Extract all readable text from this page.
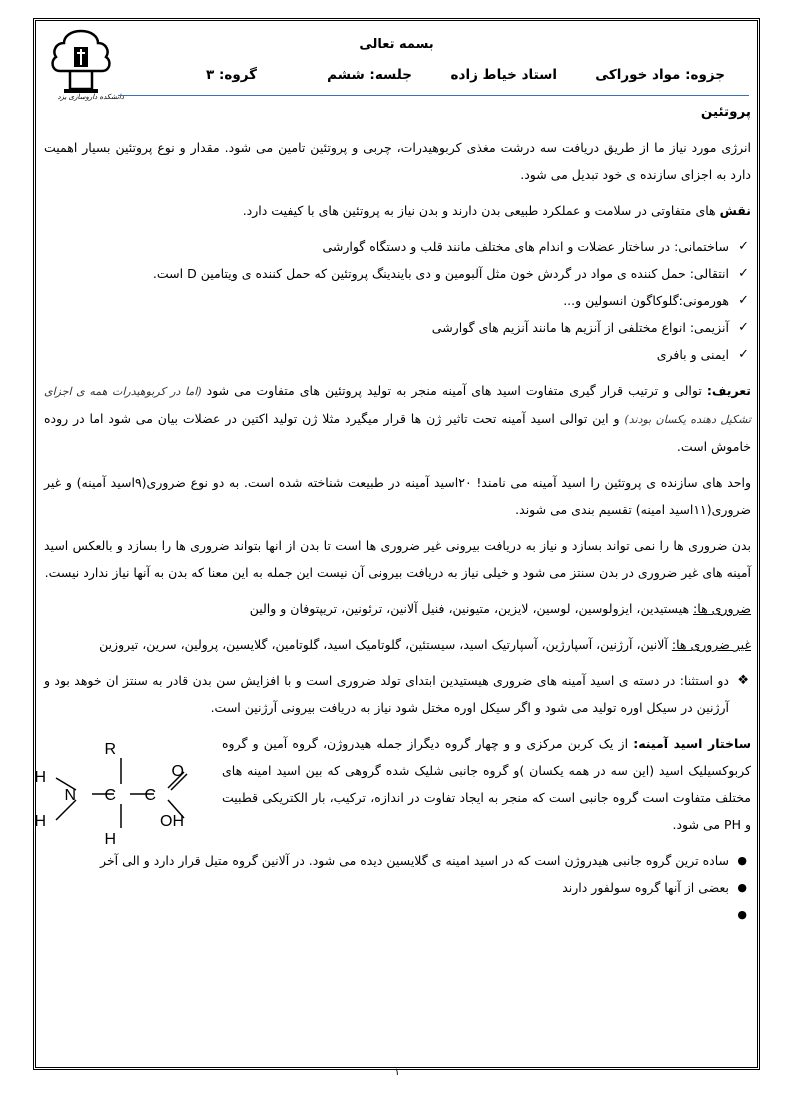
دانشکده داروسازی یزد
بسمه تعالی
جزوه: مواد خوراکی
استاد خیاط زاده
جلسه: ششم
گروه: ۳

پروتئین

انرژی مورد نیاز ما از طریق دریافت سه درشت مغذی کربوهیدرات، چربی و پروتئین تامین می شود. مقدار و نوع پروتئین بسیار اهمیت دارد به اجزای سازنده ی خود تبدیل می شود.

نقش های متفاوتی در سلامت و عملکرد طبیعی بدن دارند و بدن نیاز به پروتئین های با کیفیت دارد.

✓
ساختمانی: در ساختار عضلات و اندام های مختلف مانند قلب و دستگاه گوارشی
✓
انتقالی: حمل کننده ی مواد در گردش خون مثل آلبومین و دی بایندینگ پروتئین که حمل کننده ی ویتامین D است.
✓
هورمونی:گلوکاگون انسولین و...
✓
آنزیمی: انواع مختلفی از آنزیم ها مانند آنزیم های گوارشی
✓
ایمنی و بافری

تعریف: توالی و ترتیب قرار گیری متفاوت اسید های آمینه منجر به تولید پروتئین های متفاوت می شود (اما در کربوهیدرات همه ی اجزای تشکیل دهنده یکسان بودند) و این توالی اسید آمینه تحت تاثیر ژن ها قرار میگیرد مثلا ژن تولید اکتین در عضلات بیان می شود اما در روده خاموش است.

واحد های سازنده ی پروتئین را اسید آمینه می نامند! ۲۰اسید آمینه در طبیعت شناخته شده است. به دو نوع ضروری(۹اسید آمینه) و غیر ضروری(۱۱اسید امینه) تقسیم بندی می شوند.

بدن ضروری ها را نمی تواند بسازد و نیاز به دریافت بیرونی غیر ضروری ها است تا بدن از انها بتواند ضروری ها را بسازد و بالعکس اسید آمینه های غیر ضروری در بدن سنتز می شود و خیلی نیاز به دریافت بیرونی آن نیست این جمله به این معنا که بدن به آنها نیاز ندارد نیست.

ضروری ها: هیستیدین، ایزولوسین، لوسین، لایزین، متیونین، فنیل آلانین، ترئونین، تریپتوفان و والین

غیر ضروری ها: آلانین، آرژنین، آسپارژین، آسپارتیک اسید، سیستئین، گلوتامیک اسید، گلوتامین، گلایسین، پرولین، سرین، تیروزین

❖
دو استثنا: در دسته ی اسید آمینه های ضروری هیستیدین ابتدای تولد ضروری است و با افزایش سن بدن قادر به سنتز ان خوهد بود و آرژنین در سیکل اوره تولید می شود و اگر سیکل اوره مختل شود نیاز به دریافت بیرونی آرژنین است.
R
H
N C C
O
OH
H
H

ساختار اسید آمینه: از یک کربن مرکزی و و چهار گروه دیگراز جمله هیدروژن، گروه آمین و گروه کربوکسیلیک اسید (این سه در همه یکسان )و گروه جانبی شلیک شده گروهی که بین اسید امینه های مختلف متفاوت است گروه جانبی است که منجر به ایجاد تفاوت در اندازه، ترکیب، بار الکتریکی قطبیت و PH می شود.

●
ساده ترین گروه جانبی هیدروژن است که در اسید امینه ی گلایسین دیده می شود. در آلانین گروه متیل قرار دارد و الی آخر
●
بعضی از آنها گروه سولفور دارند
●

۱
